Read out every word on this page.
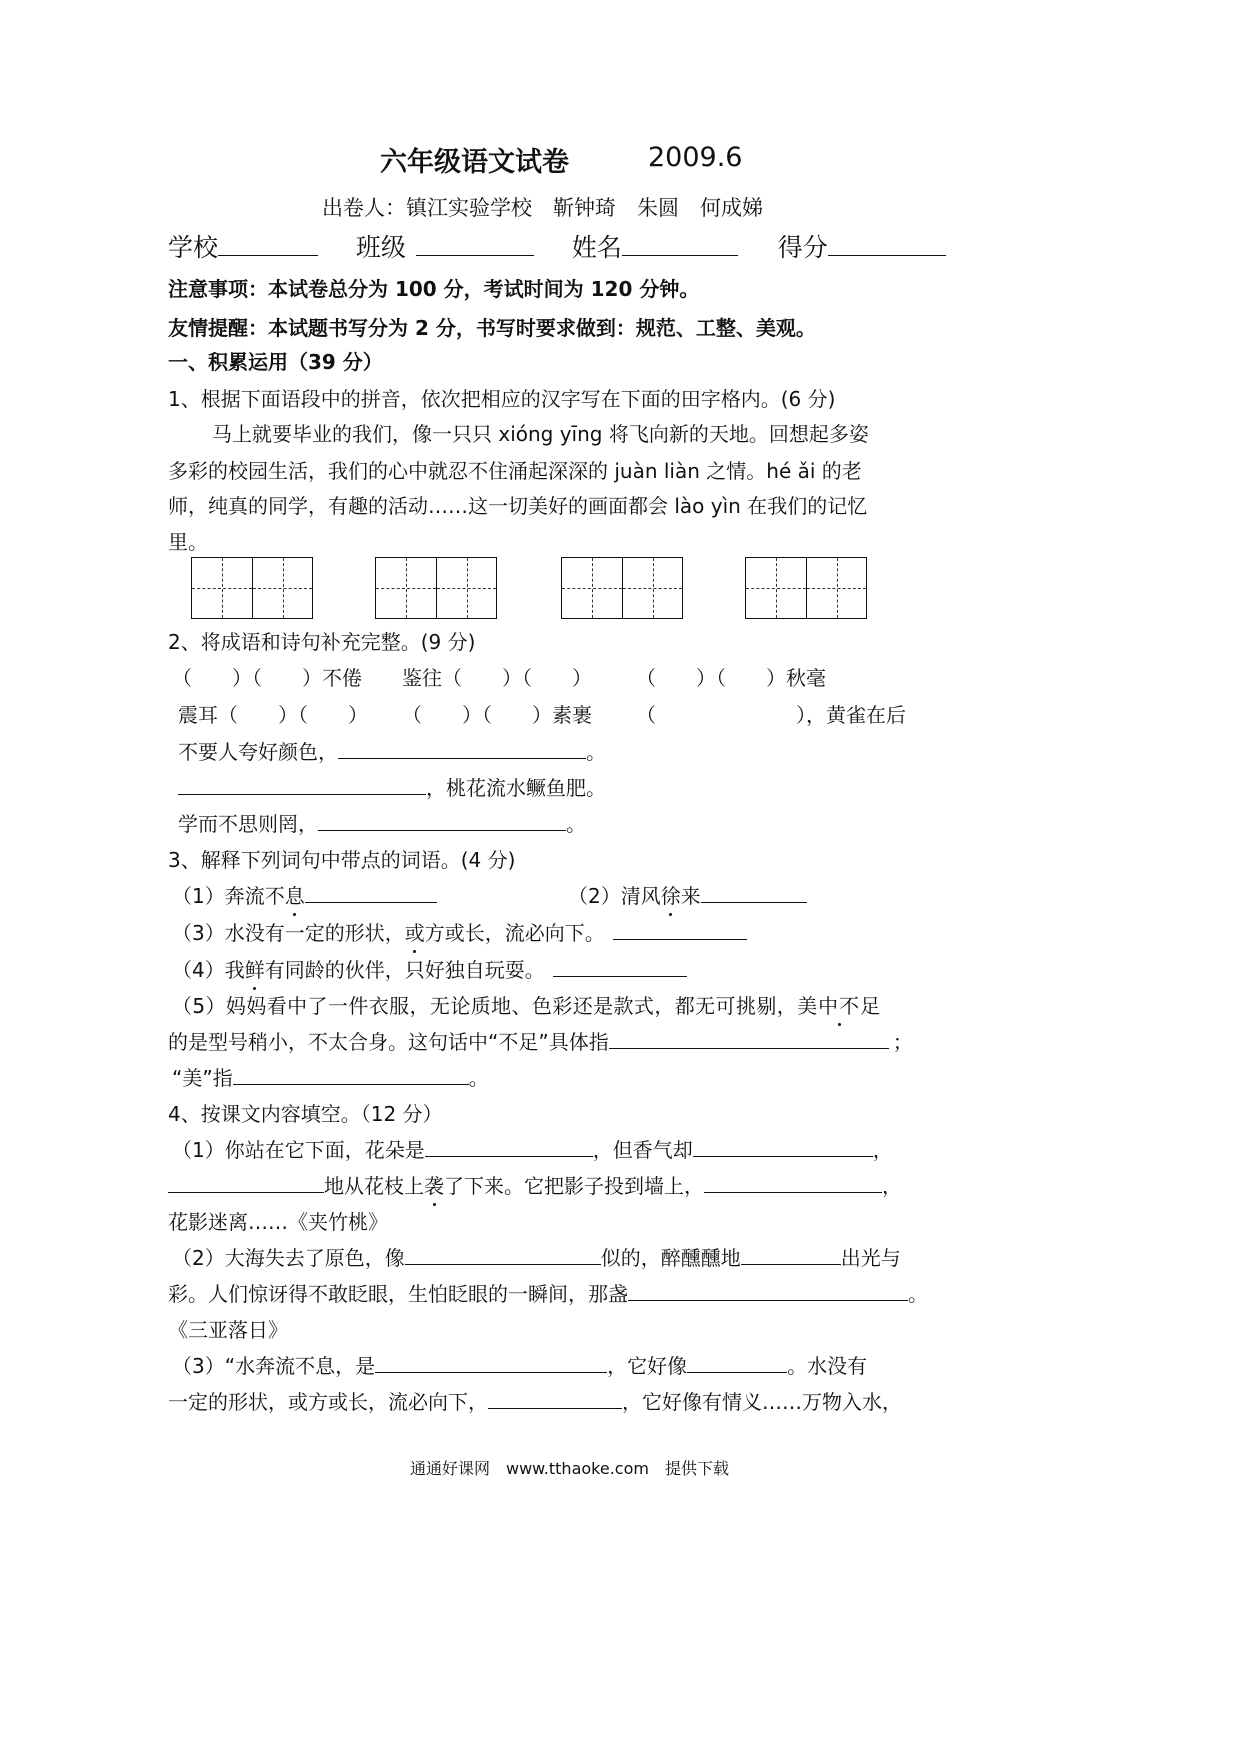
六年级语文试卷	2009.6
出卷人：镇江实验学校　靳钟琦　朱圆　何成娣
学校	班级	姓名	得分
注意事项：本试卷总分为 100 分，考试时间为 120 分钟。
友情提醒：本试题书写分为 2 分，书写时要求做到：规范、工整、美观。
一、积累运用（39 分）
1、根据下面语段中的拼音，依次把相应的汉字写在下面的田字格内。(6 分)
马上就要毕业的我们，像一只只 xióng yīng 将飞向新的天地。回想起多姿
多彩的校园生活，我们的心中就忍不住涌起深深的 juàn liàn 之情。hé ǎi 的老
师，纯真的同学，有趣的活动……这一切美好的画面都会 lào yìn 在我们的记忆
里。
2、将成语和诗句补充完整。(9 分)
（　　）（　　）不倦 鉴往（　　）（　　） （　　）（　　）秋毫
震耳（　　）（　　） （　　）（　　）素裹 （　　　　　　　），黄雀在后
不要人夸好颜色，	。
，桃花流水鳜鱼肥。
学而不思则罔，	。
3、解释下列词句中带点的词语。(4 分)
（1）奔流不息	（2）清风徐来
（3）水没有一定的形状，或方或长，流必向下。
（4）我鲜有同龄的伙伴，只好独自玩耍。
（5）妈妈看中了一件衣服，无论质地、色彩还是款式，都无可挑剔，美中不足
的是型号稍小，不太合身。这句话中“不足”具体指	；
“美”指	。
4、按课文内容填空。（12 分）
（1）你站在它下面，花朵是	，但香气却	，
地从花枝上袭了下来。它把影子投到墙上，	，
花影迷离……《夹竹桃》
（2）大海失去了原色，像	似的，醉醺醺地	出光与
彩。人们惊讶得不敢眨眼，生怕眨眼的一瞬间，那盏	。
《三亚落日》
（3）“水奔流不息，是	，它好像	。水没有
一定的形状，或方或长，流必向下，	，它好像有情义……万物入水，
通通好课网　www.tthaoke.com　提供下载
